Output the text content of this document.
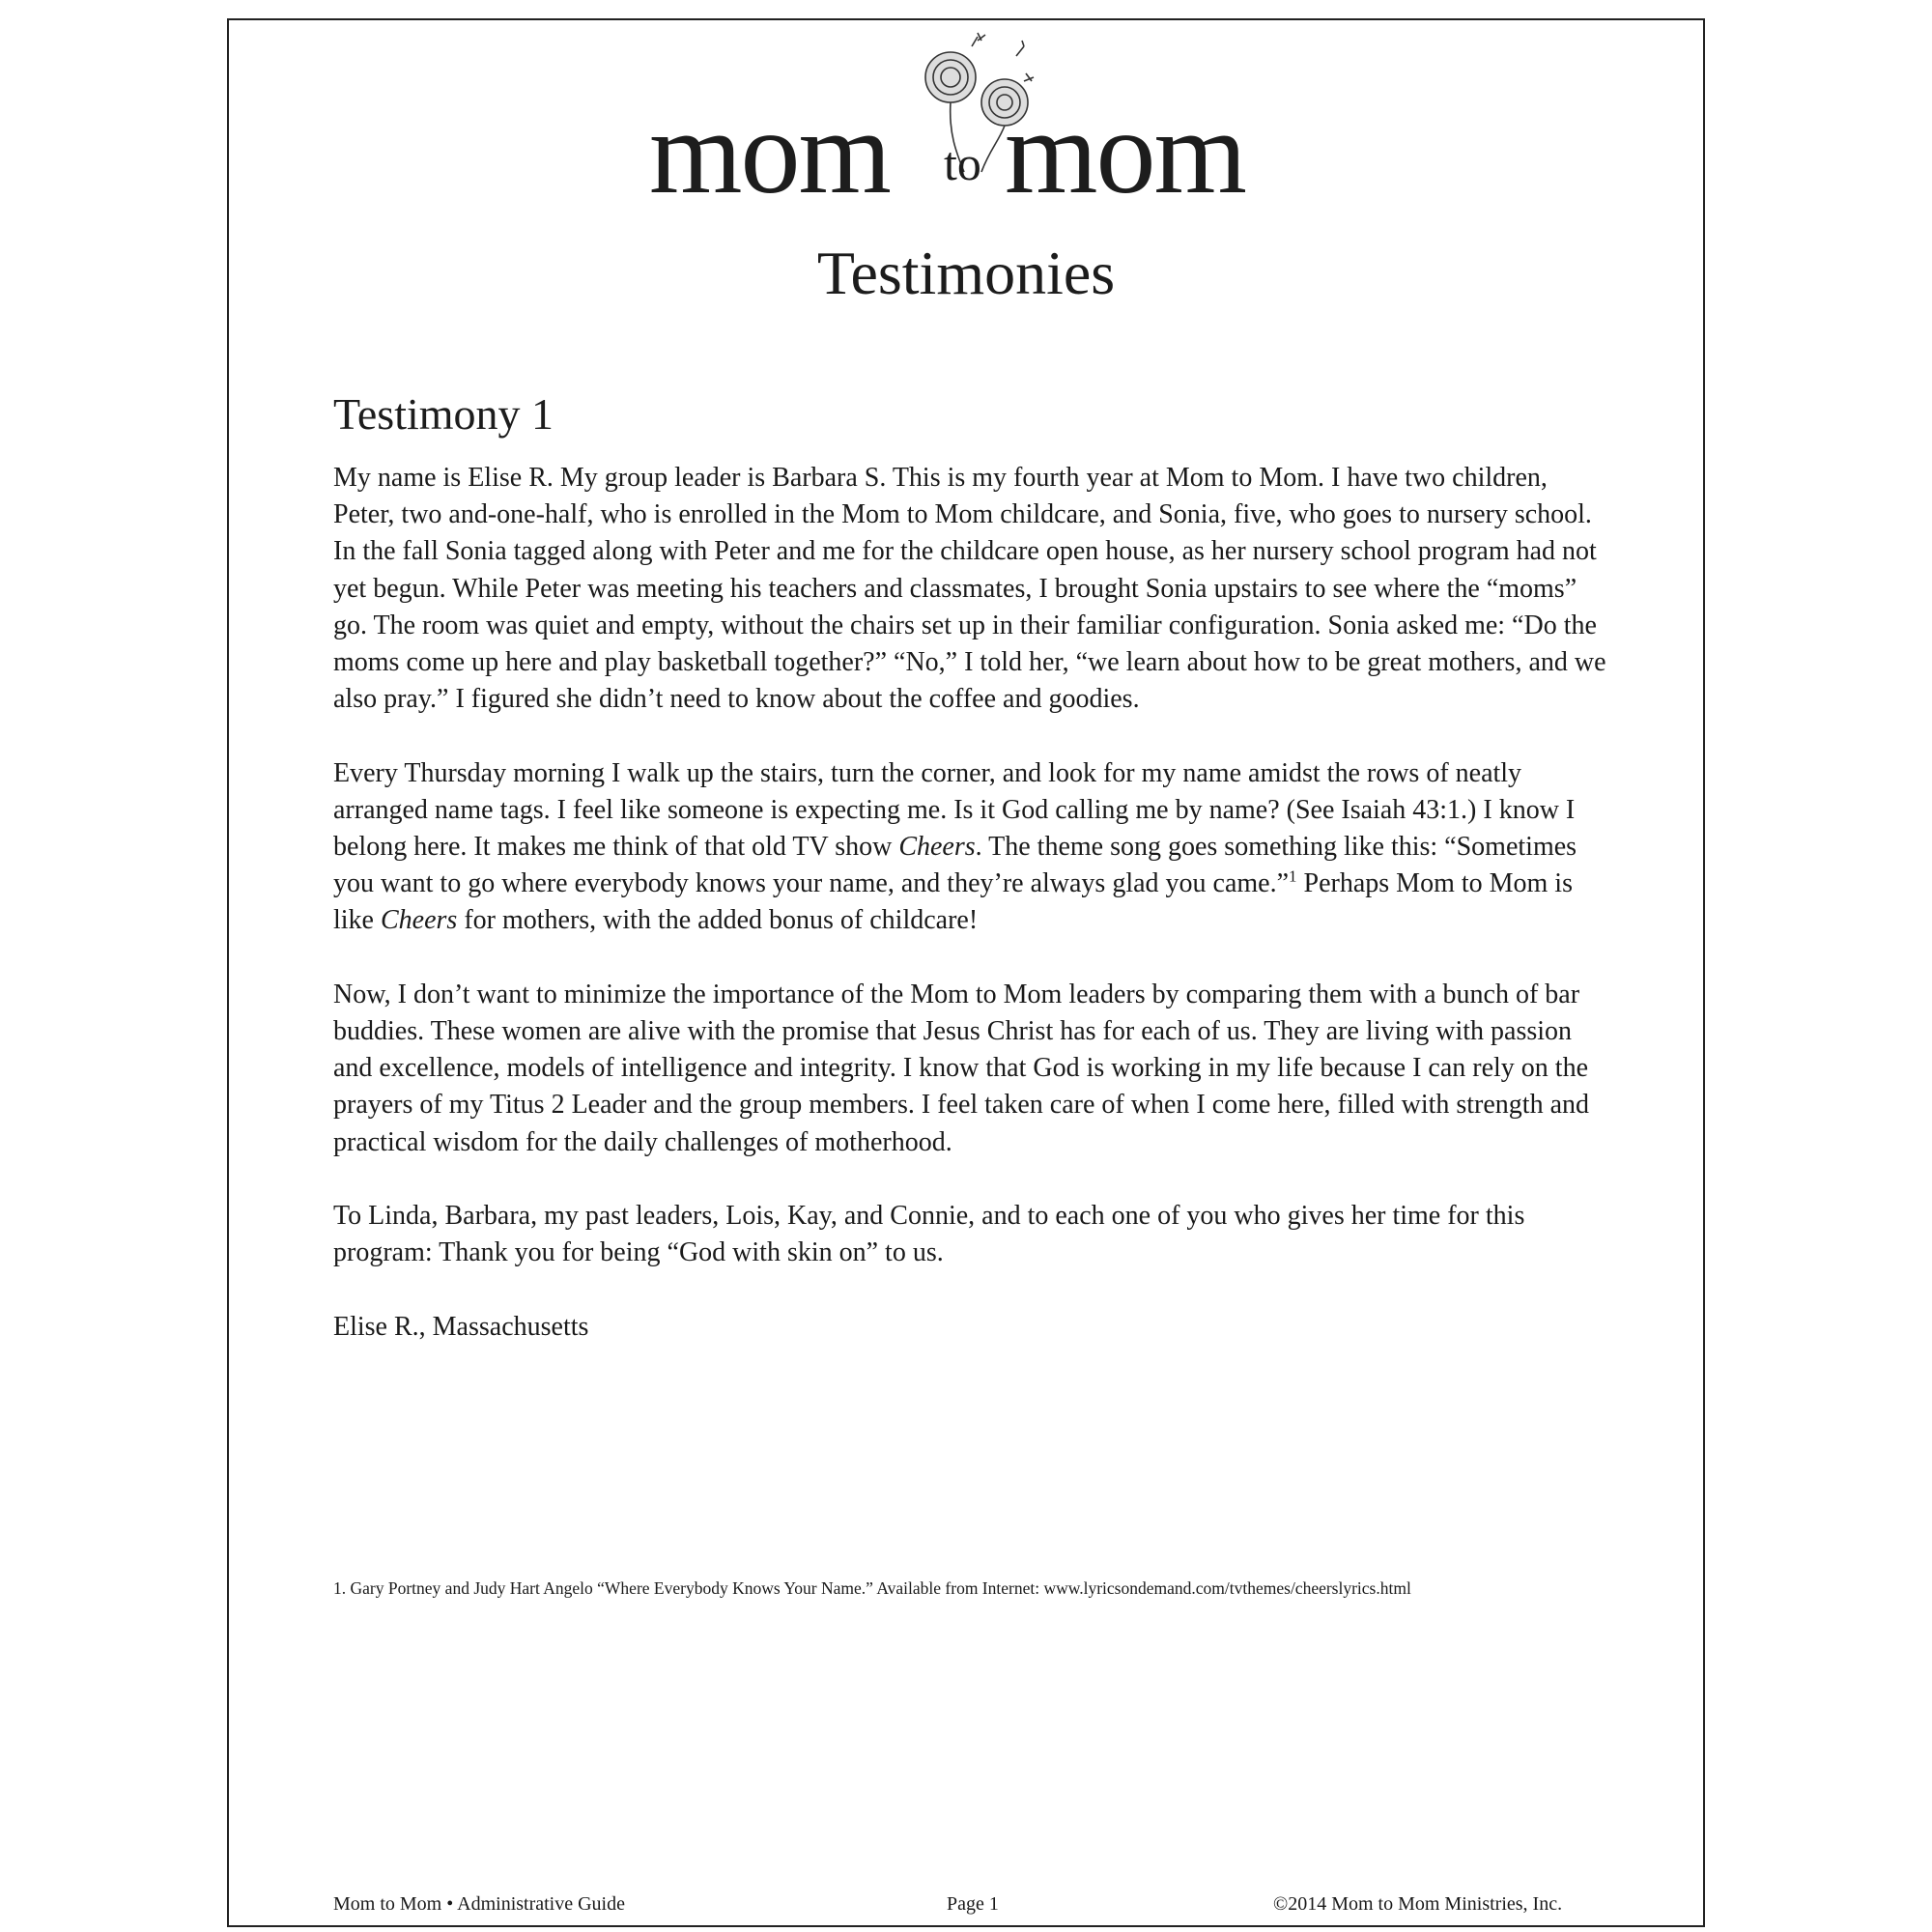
mom to mom
Testimonies
Testimony 1

My name is Elise R. My group leader is Barbara S. This is my fourth year at Mom to Mom. I have two children, Peter, two and-one-half, who is enrolled in the Mom to Mom childcare, and Sonia, five, who goes to nursery school. In the fall Sonia tagged along with Peter and me for the childcare open house, as her nursery school program had not yet begun. While Peter was meeting his teachers and classmates, I brought Sonia upstairs to see where the “moms” go. The room was quiet and empty, without the chairs set up in their familiar configuration. Sonia asked me: “Do the moms come up here and play basketball together?” “No,” I told her, “we learn about how to be great mothers, and we also pray.” I figured she didn’t need to know about the coffee and goodies.

Every Thursday morning I walk up the stairs, turn the corner, and look for my name amidst the rows of neatly arranged name tags. I feel like someone is expecting me. Is it God calling me by name? (See Isaiah 43:1.) I know I belong here. It makes me think of that old TV show Cheers. The theme song goes something like this: “Sometimes you want to go where everybody knows your name, and they’re always glad you came.”$^1$ Perhaps Mom to Mom is like Cheers for mothers, with the added bonus of childcare!

Now, I don’t want to minimize the importance of the Mom to Mom leaders by comparing them with a bunch of bar buddies. These women are alive with the promise that Jesus Christ has for each of us. They are living with passion and excellence, models of intelligence and integrity. I know that God is working in my life because I can rely on the prayers of my Titus 2 Leader and the group members. I feel taken care of when I come here, filled with strength and practical wisdom for the daily challenges of motherhood.

To Linda, Barbara, my past leaders, Lois, Kay, and Connie, and to each one of you who gives her time for this program: Thank you for being “God with skin on” to us.

Elise R., Massachusetts

1. Gary Portney and Judy Hart Angelo “Where Everybody Knows Your Name.” Available from Internet: www.lyricsondemand.com/tvthemes/cheerslyrics.html
Mom to Mom • Administrative Guide	Page 1	©2014 Mom to Mom Ministries, Inc.
